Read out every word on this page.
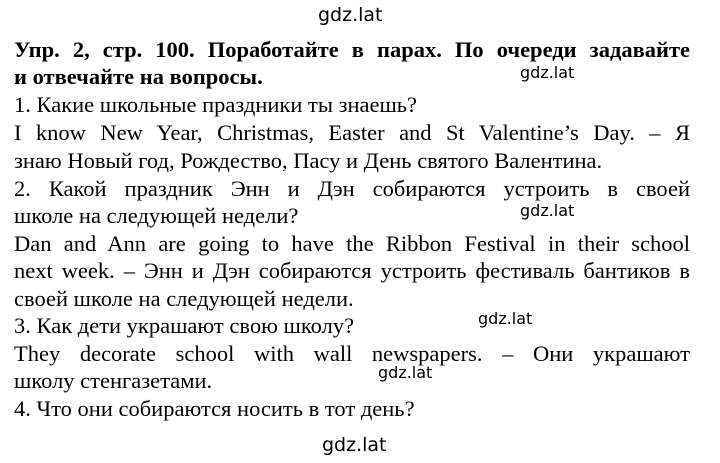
gdz.lat
Упр. 2, стр. 100. Поработайте в парах. По очереди задавайте
и отвечайте на вопросы.	gdz.lat
1. Какие школьные праздники ты знаешь?
I know New Year, Christmas, Easter and St Valentine’s Day. – Я
знаю Новый год, Рождество, Пасу и День святого Валентина.
2. Какой праздник Энн и Дэн собираются устроить в своей
школе на следующей недели?	gdz.lat
Dan and Ann are going to have the Ribbon Festival in their school
next week. – Энн и Дэн собираются устроить фестиваль бантиков в
своей школе на следующей недели.
3. Как дети украшают свою школу?	gdz.lat
They decorate school with wall newspapers. – Они украшают
школу стенгазетами.	gdz.lat
4. Что они собираются носить в тот день?
gdz.lat
